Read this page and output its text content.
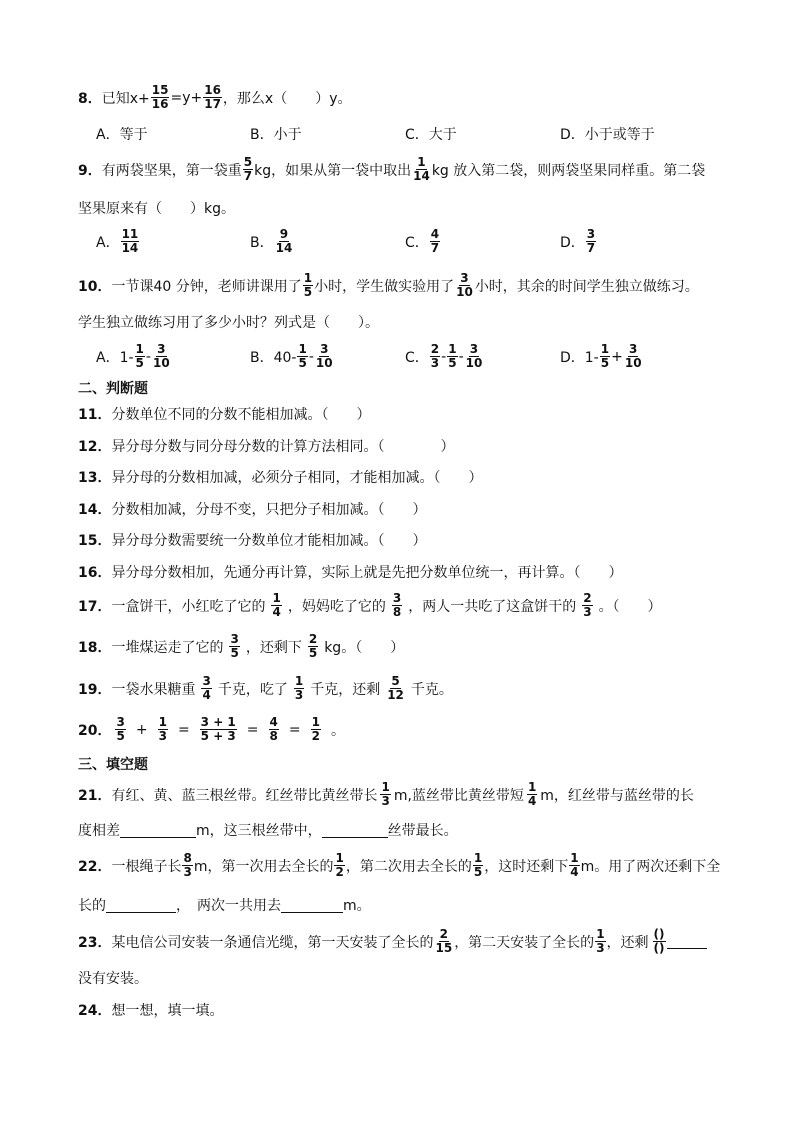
8． 已知$x+ \frac{15}{16} =y+ \frac{16}{17}$ ，那么x（　　）y。
A．等于	B．小于	C．大于	D．小于或等于
9． 有两袋坚果，第一袋重 $\frac{5}{7}$ kg，如果从第一袋中取出 $\frac{1}{14}$ kg 放入第二袋，则两袋坚果同样重。第二袋
坚果原来有（　　）kg。
A． $\frac{11}{14}$	B． $\frac{9}{14}$	C． $\frac{4}{7}$	D． $\frac{3}{7}$
10． 一节课40 分钟，老师讲课用了 $\frac{1}{5}$ 小时，学生做实验用了 $\frac{3}{10}$ 小时，其余的时间学生独立做练习。
学生独立做练习用了多少小时？列式是（　　）。
A．$1- \frac{1}{5} - \frac{3}{10}$	B．$40- \frac{1}{5} - \frac{3}{10}$	C． $\frac{2}{3} - \frac{1}{5} - \frac{3}{10}$	D．$1- \frac{1}{5} + \frac{3}{10}$
二、判断题
11． 分数单位不同的分数不能相加减。（　　）
12． 异分母分数与同分母分数的计算方法相同。（　　　　）
13． 异分母的分数相加减，必须分子相同，才能相加减。（　　）
14． 分数相加减，分母不变，只把分子相加减。（　　）
15． 异分母分数需要统一分数单位才能相加减。（　　）
16． 异分母分数相加，先通分再计算，实际上就是先把分数单位统一，再计算。（　　）
17． 一盒饼干，小红吃了它的 $\frac{1}{4}$ ，妈妈吃了它的 $\frac{3}{8}$ ，两人一共吃了这盒饼干的 $\frac{2}{3}$ 。（　　）
18． 一堆煤运走了它的 $\frac{3}{5}$ ，还剩下 $\frac{2}{5}$ kg。（　　）
19． 一袋水果糖重 $\frac{3}{4}$ 千克，吃了 $\frac{1}{3}$ 千克，还剩 $\frac{5}{12}$ 千克。
20． $\frac{3}{5} + \frac{1}{3} = \frac{3 + 1}{5 + 3} = \frac{4}{8} = \frac{1}{2}$ 。
三、填空题
21． 有红、黄、蓝三根丝带。红丝带比黄丝带长 $\frac{1}{3} m$,蓝丝带比黄丝带短 $\frac{1}{4}$ m，红丝带与蓝丝带的长
度相差	m，这三根丝带中，	丝带最长。
22． 一根绳子长 $\frac{8}{3}$ m，第一次用去全长的 $\frac{1}{2}$ ，第二次用去全长的 $\frac{1}{5}$ ，这时还剩下 $\frac{1}{4}$ m。用了两次还剩下全
长的	，　两次一共用去	m。
23． 某电信公司安装一条通信光缆，第一天安装了全长的 $\frac{2}{15}$ ，第二天安装了全长的 $\frac{1}{3}$ ，还剩 $\frac{()}{()}$
没有安装。
24． 想一想，填一填。
